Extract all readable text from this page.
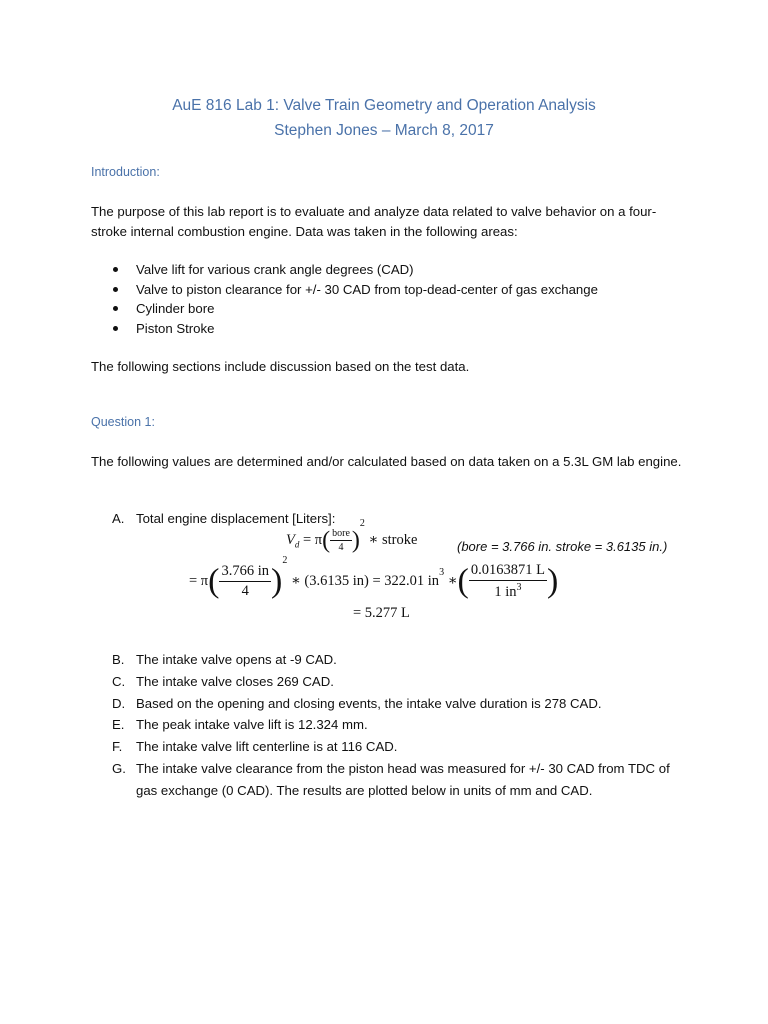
AuE 816 Lab 1: Valve Train Geometry and Operation Analysis
Stephen Jones – March 8, 2017
Introduction:
The purpose of this lab report is to evaluate and analyze data related to valve behavior on a four-stroke internal combustion engine. Data was taken in the following areas:
Valve lift for various crank angle degrees (CAD)
Valve to piston clearance for +/- 30 CAD from top-dead-center of gas exchange
Cylinder bore
Piston Stroke
The following sections include discussion based on the test data.
Question 1:
The following values are determined and/or calculated based on data taken on a 5.3L GM lab engine.
A. Total engine displacement [Liters]:
$V_d = \pi( \frac{\text{bore}}{4} )^2$ ∗ stroke	(bore = 3.766 in. stroke = 3.6135 in.)
= $\pi( \frac{3.766 in}{4} )^2$ ∗ (3.6135 in) = 322.01 $in^3$ ∗( $\frac{0.0163871 L}{1 in^3}$ )
= 5.277 L
B. The intake valve opens at -9 CAD.
C. The intake valve closes 269 CAD.
D. Based on the opening and closing events, the intake valve duration is 278 CAD.
E. The peak intake valve lift is 12.324 mm.
F. The intake valve lift centerline is at 116 CAD.
G. The intake valve clearance from the piston head was measured for +/- 30 CAD from TDC of gas exchange (0 CAD). The results are plotted below in units of mm and CAD.
